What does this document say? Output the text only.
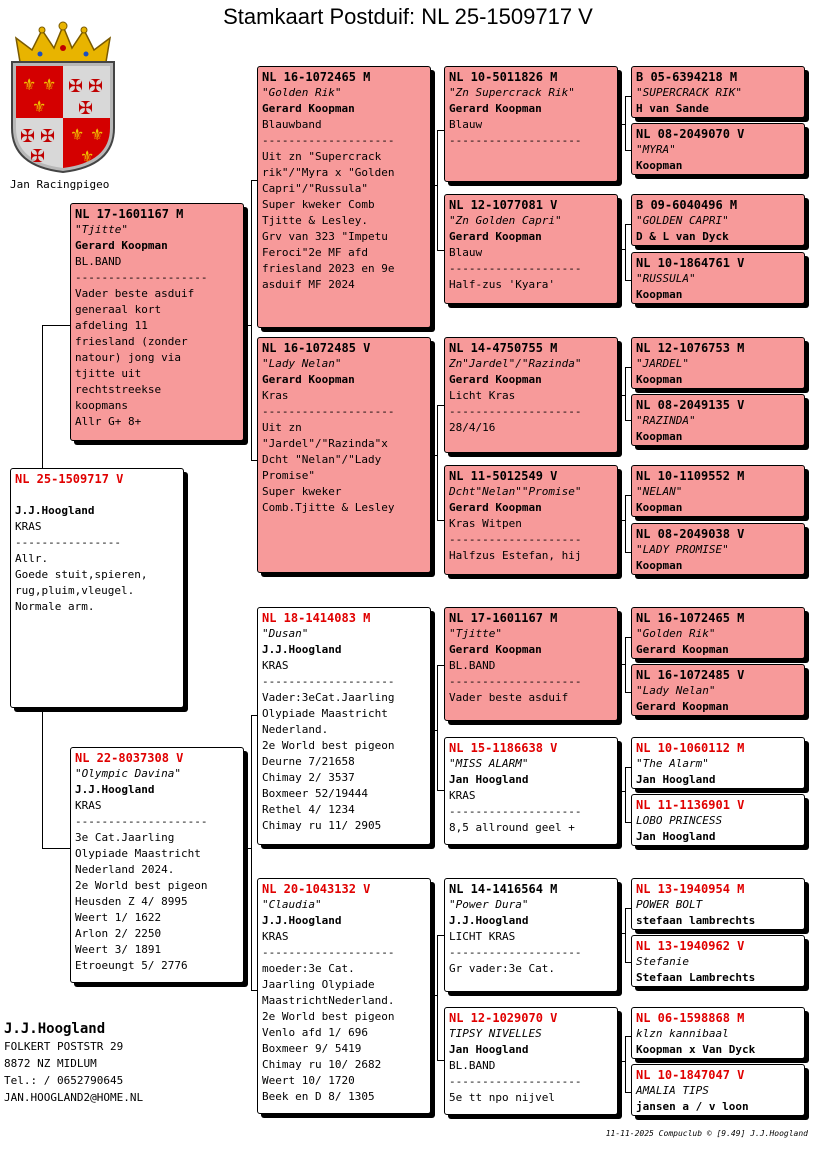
Stamkaart Postduif: NL 25-1509717 V
⚜ ⚜
⚜
⚜ ⚜
⚜
✠ ✠
✠
✠ ✠
✠
Jan Racingpigeo
NL 25-1509717 V

J.J.Hoogland
KRAS
----------------
Allr.
Goede stuit,spieren,
rug,pluim,vleugel.
Normale arm.
NL 17-1601167 M
"Tjitte"
Gerard Koopman
BL.BAND
--------------------
Vader beste asduif
generaal kort
afdeling 11
friesland (zonder
natour) jong via
tjitte uit
rechtstreekse
koopmans
Allr G+ 8+
NL 22-8037308 V
"Olympic Davina"
J.J.Hoogland
KRAS
--------------------
3e Cat.Jaarling
Olypiade Maastricht
Nederland 2024.
2e World best pigeon
Heusden Z 4/ 8995
Weert 1/ 1622
Arlon 2/ 2250
Weert 3/ 1891
Etroeungt 5/ 2776
NL 16-1072465 M
"Golden Rik"
Gerard Koopman
Blauwband
--------------------
Uit zn "Supercrack
rik"/"Myra x "Golden
Capri"/"Russula"
Super kweker Comb
Tjitte & Lesley.
Grv van 323 "Impetu
Feroci"2e MF afd
friesland 2023 en 9e
asduif MF 2024
NL 16-1072485 V
"Lady Nelan"
Gerard Koopman
Kras
--------------------
Uit zn
"Jardel"/"Razinda"x
Dcht "Nelan"/"Lady
Promise"
Super kweker
Comb.Tjitte & Lesley
NL 18-1414083 M
"Dusan"
J.J.Hoogland
KRAS
--------------------
Vader:3eCat.Jaarling
Olypiade Maastricht
Nederland.
2e World best pigeon
Deurne 7/21658
Chimay 2/ 3537
Boxmeer 52/19444
Rethel 4/ 1234
Chimay ru 11/ 2905
NL 20-1043132 V
"Claudia"
J.J.Hoogland
KRAS
--------------------
moeder:3e Cat.
Jaarling Olypiade
MaastrichtNederland.
2e World best pigeon
Venlo afd 1/ 696
Boxmeer 9/ 5419
Chimay ru 10/ 2682
Weert 10/ 1720
Beek en D 8/ 1305
NL 10-5011826 M
"Zn Supercrack Rik"
Gerard Koopman
Blauw
--------------------
NL 12-1077081 V
"Zn Golden Capri"
Gerard Koopman
Blauw
--------------------
Half-zus 'Kyara'
NL 14-4750755 M
Zn"Jardel"/"Razinda"
Gerard Koopman
Licht Kras
--------------------
28/4/16
NL 11-5012549 V
Dcht"Nelan""Promise"
Gerard Koopman
Kras Witpen
--------------------
Halfzus Estefan, hij
NL 17-1601167 M
"Tjitte"
Gerard Koopman
BL.BAND
--------------------
Vader beste asduif
NL 15-1186638 V
"MISS ALARM"
Jan Hoogland
KRAS
--------------------
8,5 allround geel +
NL 14-1416564 M
"Power Dura"
J.J.Hoogland
LICHT KRAS
--------------------
Gr vader:3e Cat.
NL 12-1029070 V
TIPSY NIVELLES
Jan Hoogland
BL.BAND
--------------------
5e tt npo nijvel
B 05-6394218 M
"SUPERCRACK RIK"
H van Sande
NL 08-2049070 V
"MYRA"
Koopman
B 09-6040496 M
"GOLDEN CAPRI"
D & L van Dyck
NL 10-1864761 V
"RUSSULA"
Koopman
NL 12-1076753 M
"JARDEL"
Koopman
NL 08-2049135 V
"RAZINDA"
Koopman
NL 10-1109552 M
"NELAN"
Koopman
NL 08-2049038 V
"LADY PROMISE"
Koopman
NL 16-1072465 M
"Golden Rik"
Gerard Koopman
NL 16-1072485 V
"Lady Nelan"
Gerard Koopman
NL 10-1060112 M
"The Alarm"
Jan Hoogland
NL 11-1136901 V
LOBO PRINCESS
Jan Hoogland
NL 13-1940954 M
POWER BOLT
stefaan lambrechts
NL 13-1940962 V
Stefanie
Stefaan Lambrechts
NL 06-1598868 M
klzn kannibaal
Koopman x Van Dyck
NL 10-1847047 V
AMALIA TIPS
jansen a / v loon
J.J.Hoogland
FOLKERT POSTSTR 29
8872 NZ MIDLUM
Tel.: / 0652790645
JAN.HOOGLAND2@HOME.NL
11-11-2025 Compuclub © [9.49] J.J.Hoogland
